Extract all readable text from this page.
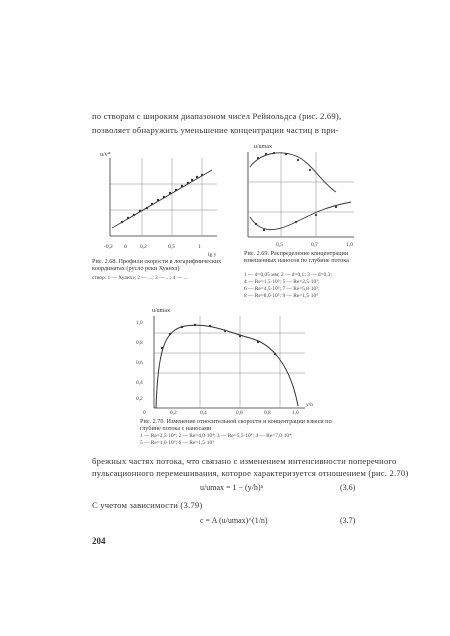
по створам с широким диапазоном чисел Рейнольдса (рис. 2.69),
позволяет обнаружить уменьшение концентрации частиц в при-
u/v*
-0,2 0 0,2	0,5	1
lg y
Рис. 2.68. Профили скорости в логарифмических координатах (русло реки Хуанхэ)
створ: 1 — Хуанхэ; 2 — ...; 3 — ...; 4 — ...
u/umax
0,5	0,7	1,0
Рис. 2.69. Распределение концентрации взвешенных наносов по глубине потока
1 — d=0,05 мм; 2 — d=0,1; 3 — d=0,3;
4 — Re=1,5·10⁵; 5 — Re=2,5·10⁵;
6 — Re=4,5·10⁵; 7 — Re=5,8·10⁵;
8 — Re=8,0·10⁵; 9 — Re=1,5·10⁶
u/umax
1,0
0,8
0,6
0,4
0,2
0	0,2	0,4	0,6	0,8	1,0
y/h
Рис. 2.70. Изменение относительной скорости и концентрации взвеси по глубине потока с наносами
1 — Re=2,5·10⁴; 2 — Re=4,0·10⁴; 3 — Re=5,5·10⁴; 4 — Re=7,0·10⁴;
5 — Re=1,0·10⁵; 6 — Re=1,5·10⁵
брежных частях потока, что связано с изменением интенсивности поперечного
пульсационного перемешивания, которое характеризуется отношением (рис. 2.70)
u/umax = 1 − (y/h)ⁿ	(3.6)
С учетом зависимости (3.79)
c = A (u/umax)^(1/n)	(3.7)
204
